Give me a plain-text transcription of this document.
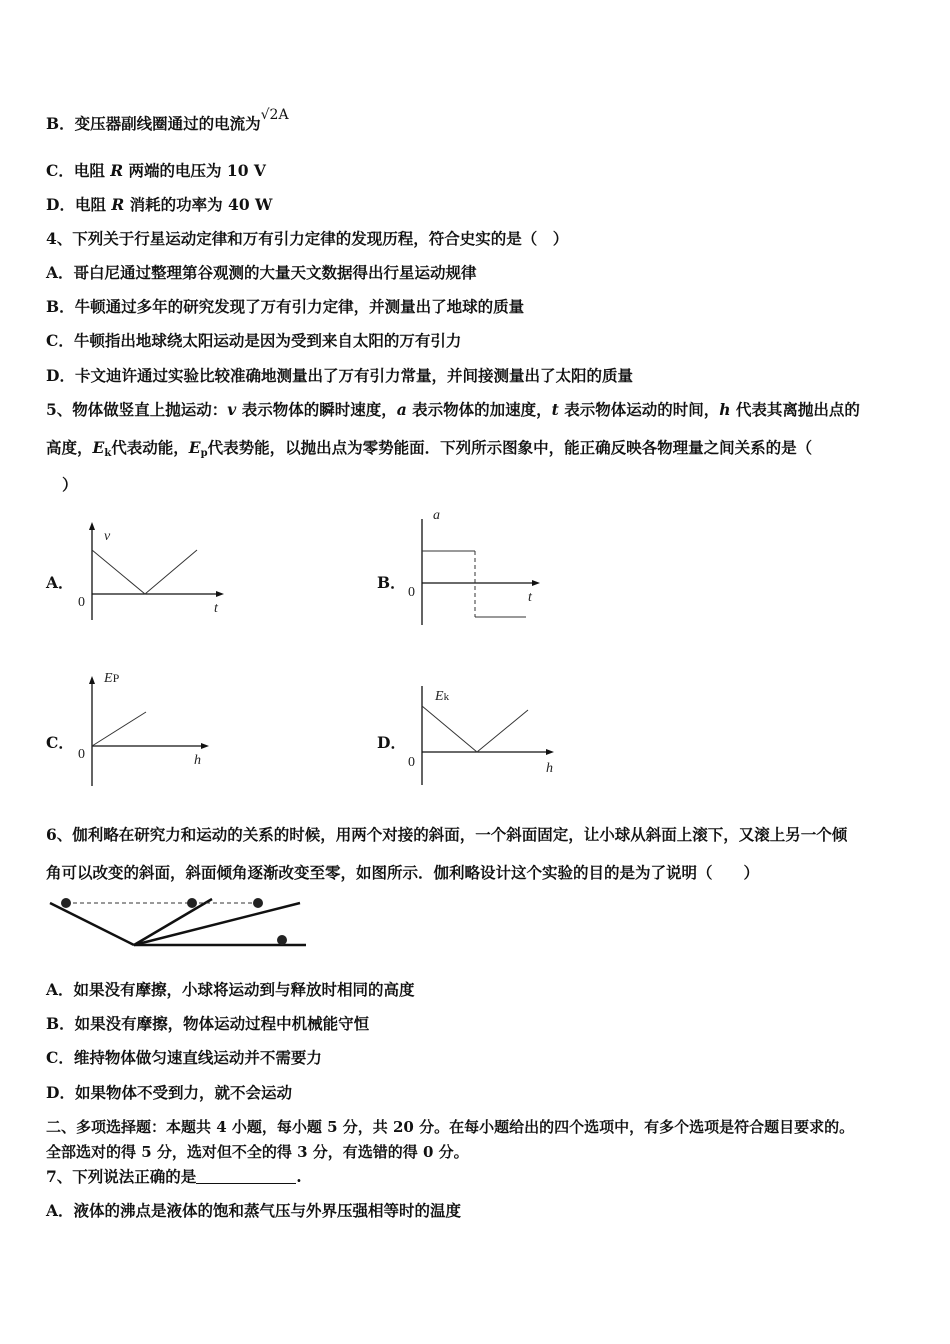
B．变压器副线圈通过的电流为√2A
C．电阻 R 两端的电压为 10 V
D．电阻 R 消耗的功率为 40 W
4、下列关于行星运动定律和万有引力定律的发现历程，符合史实的是（　）
A．哥白尼通过整理第谷观测的大量天文数据得出行星运动规律
B．牛顿通过多年的研究发现了万有引力定律，并测量出了地球的质量
C．牛顿指出地球绕太阳运动是因为受到来自太阳的万有引力
D．卡文迪许通过实验比较准确地测量出了万有引力常量，并间接测量出了太阳的质量
5、物体做竖直上抛运动：v 表示物体的瞬时速度，a 表示物体的加速度，t 表示物体运动的时间，h 代表其离抛出点的
高度，$E_k$代表动能，$E_p$代表势能，以抛出点为零势能面．下列所示图象中，能正确反映各物理量之间关系的是（
）
A．
v
t
0
B．
a
t
0
C．
EP
h
0
D．
Ek
h
0
6、伽利略在研究力和运动的关系的时候，用两个对接的斜面，一个斜面固定，让小球从斜面上滚下，又滚上另一个倾
角可以改变的斜面，斜面倾角逐渐改变至零，如图所示．伽利略设计这个实验的目的是为了说明（　　）
A．如果没有摩擦，小球将运动到与释放时相同的高度
B．如果没有摩擦，物体运动过程中机械能守恒
C．维持物体做匀速直线运动并不需要力
D．如果物体不受到力，就不会运动
二、多项选择题：本题共 4 小题，每小题 5 分，共 20 分。在每小题给出的四个选项中，有多个选项是符合题目要求的。
全部选对的得 5 分，选对但不全的得 3 分，有选错的得 0 分。
7、下列说法正确的是	.
A．液体的沸点是液体的饱和蒸气压与外界压强相等时的温度
